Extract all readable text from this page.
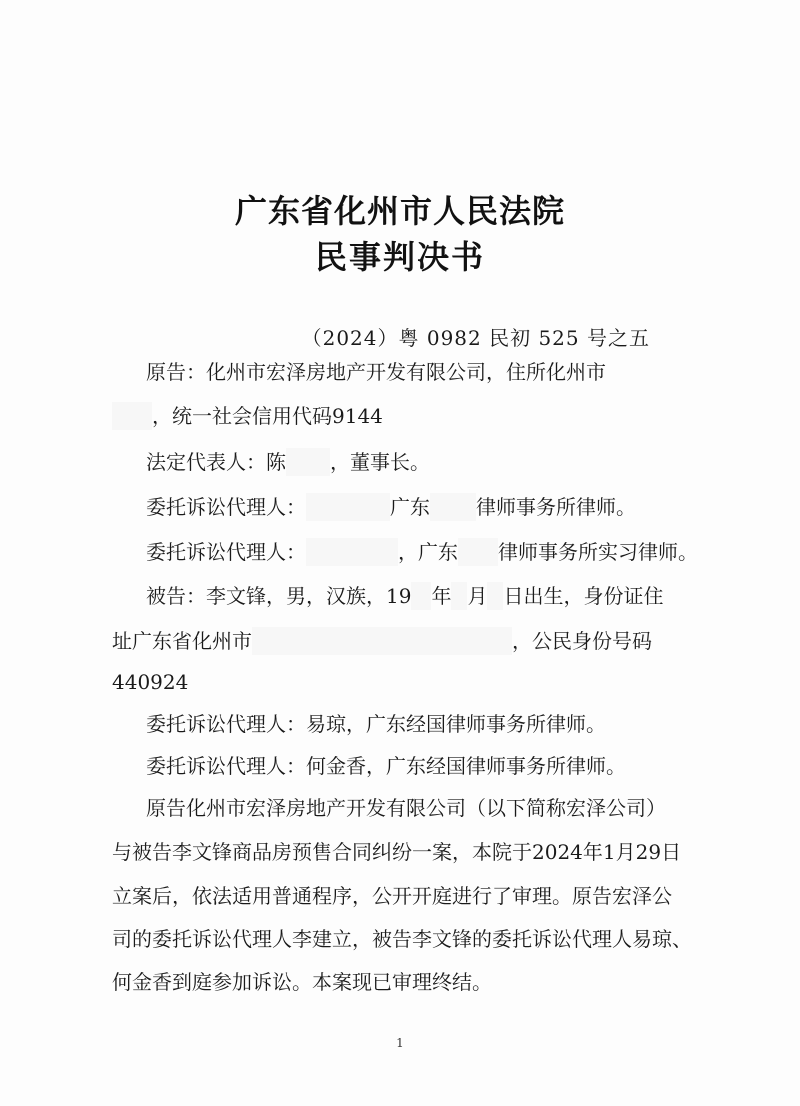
广东省化州市人民法院
民事判决书
（2024）粤 0982 民初 525 号之五
原告：化州市宏泽房地产开发有限公司，住所化州市
，统一社会信用代码9144
法定代表人：陈 ，董事长。
委托诉讼代理人：	广东 律师事务所律师。
委托诉讼代理人：	，广东 律师事务所实习律师。
被告：李文锋，男，汉族，19 年 月 日出生，身份证住
址广东省化州市	，公民身份号码
440924
委托诉讼代理人：易琼，广东经国律师事务所律师。
委托诉讼代理人：何金香，广东经国律师事务所律师。
原告化州市宏泽房地产开发有限公司（以下简称宏泽公司）
与被告李文锋商品房预售合同纠纷一案，本院于2024年1月29日
立案后，依法适用普通程序，公开开庭进行了审理。原告宏泽公
司的委托诉讼代理人李建立，被告李文锋的委托诉讼代理人易琼、
何金香到庭参加诉讼。本案现已审理终结。
1
